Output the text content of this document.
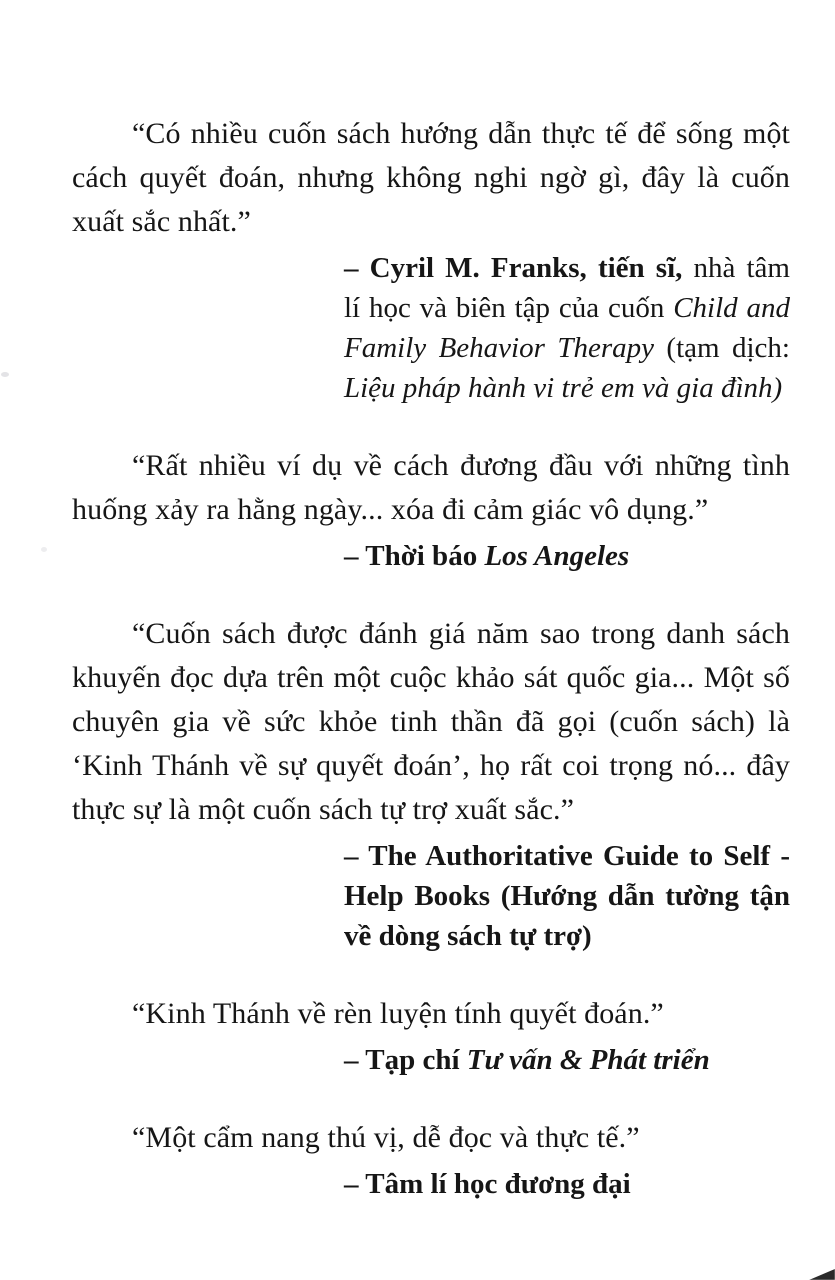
“Có nhiều cuốn sách hướng dẫn thực tế để sống một cách quyết đoán, nhưng không nghi ngờ gì, đây là cuốn xuất sắc nhất.”

– Cyril M. Franks, tiến sĩ, nhà tâm
lí học và biên tập của cuốn Child and
Family Behavior Therapy (tạm dịch:
Liệu pháp hành vi trẻ em và gia đình)

“Rất nhiều ví dụ về cách đương đầu với những tình huống xảy ra hằng ngày... xóa đi cảm giác vô dụng.”

– Thời báo Los Angeles

“Cuốn sách được đánh giá năm sao trong danh sách khuyến đọc dựa trên một cuộc khảo sát quốc gia... Một số chuyên gia về sức khỏe tinh thần đã gọi (cuốn sách) là ‘Kinh Thánh về sự quyết đoán’, họ rất coi trọng nó... đây thực sự là một cuốn sách tự trợ xuất sắc.”

– The Authoritative Guide to Self -
Help Books (Hướng dẫn tường tận
về dòng sách tự trợ)

“Kinh Thánh về rèn luyện tính quyết đoán.”

– Tạp chí Tư vấn & Phát triển

“Một cẩm nang thú vị, dễ đọc và thực tế.”

– Tâm lí học đương đại
